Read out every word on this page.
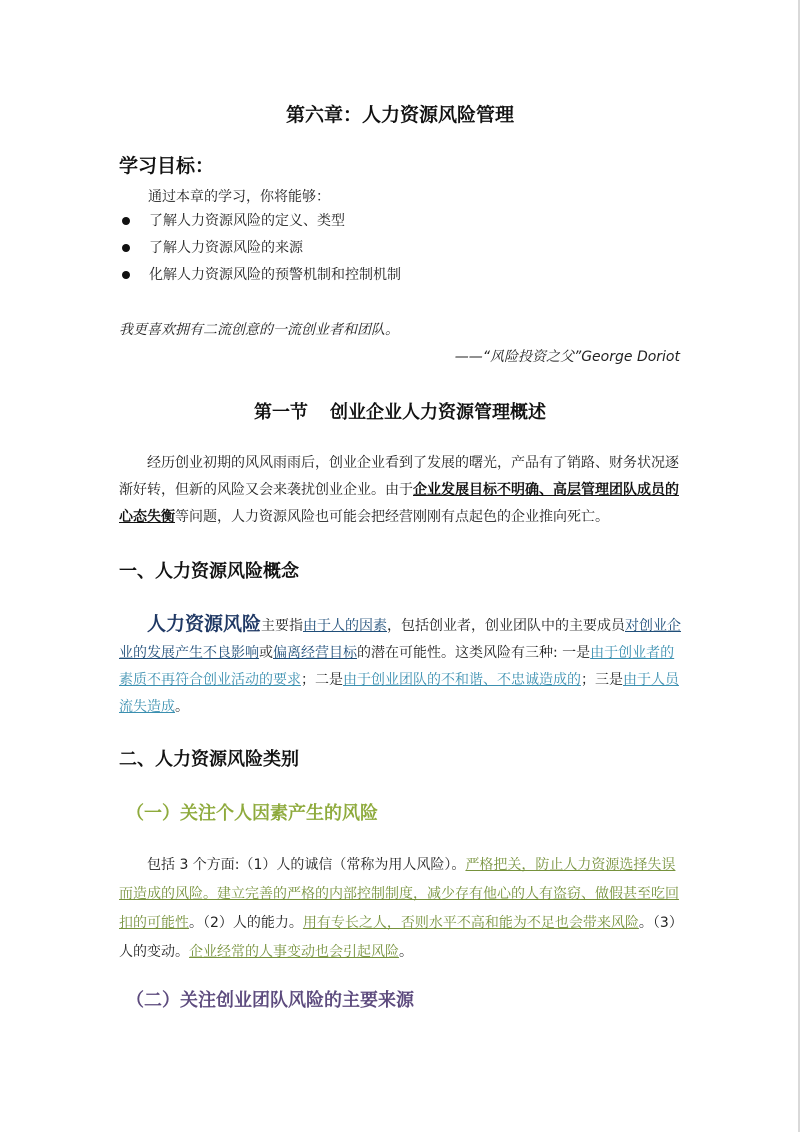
第六章：人力资源风险管理
学习目标：
通过本章的学习，你将能够：
了解人力资源风险的定义、类型
了解人力资源风险的来源
化解人力资源风险的预警机制和控制机制
我更喜欢拥有二流创意的一流创业者和团队。
——“风险投资之父”George Doriot
第一节 创业企业人力资源管理概述

经历创业初期的风风雨雨后，创业企业看到了发展的曙光，产品有了销路、财务状况逐渐好转，但新的风险又会来袭扰创业企业。由于企业发展目标不明确、高层管理团队成员的心态失衡等问题，人力资源风险也可能会把经营刚刚有点起色的企业推向死亡。

一、人力资源风险概念

人力资源风险主要指由于人的因素，包括创业者，创业团队中的主要成员对创业企业的发展产生不良影响或偏离经营目标的潜在可能性。这类风险有三种: 一是由于创业者的素质不再符合创业活动的要求；二是由于创业团队的不和谐、不忠诚造成的；三是由于人员流失造成。

二、人力资源风险类别
（一）关注个人因素产生的风险

包括 3 个方面:（1）人的诚信（常称为用人风险）。严格把关，防止人力资源选择失误而造成的风险。建立完善的严格的内部控制制度，减少存有他心的人有盗窃、做假甚至吃回扣的可能性。（2）人的能力。用有专长之人，否则水平不高和能为不足也会带来风险。（3）人的变动。企业经常的人事变动也会引起风险。

（二）关注创业团队风险的主要来源
